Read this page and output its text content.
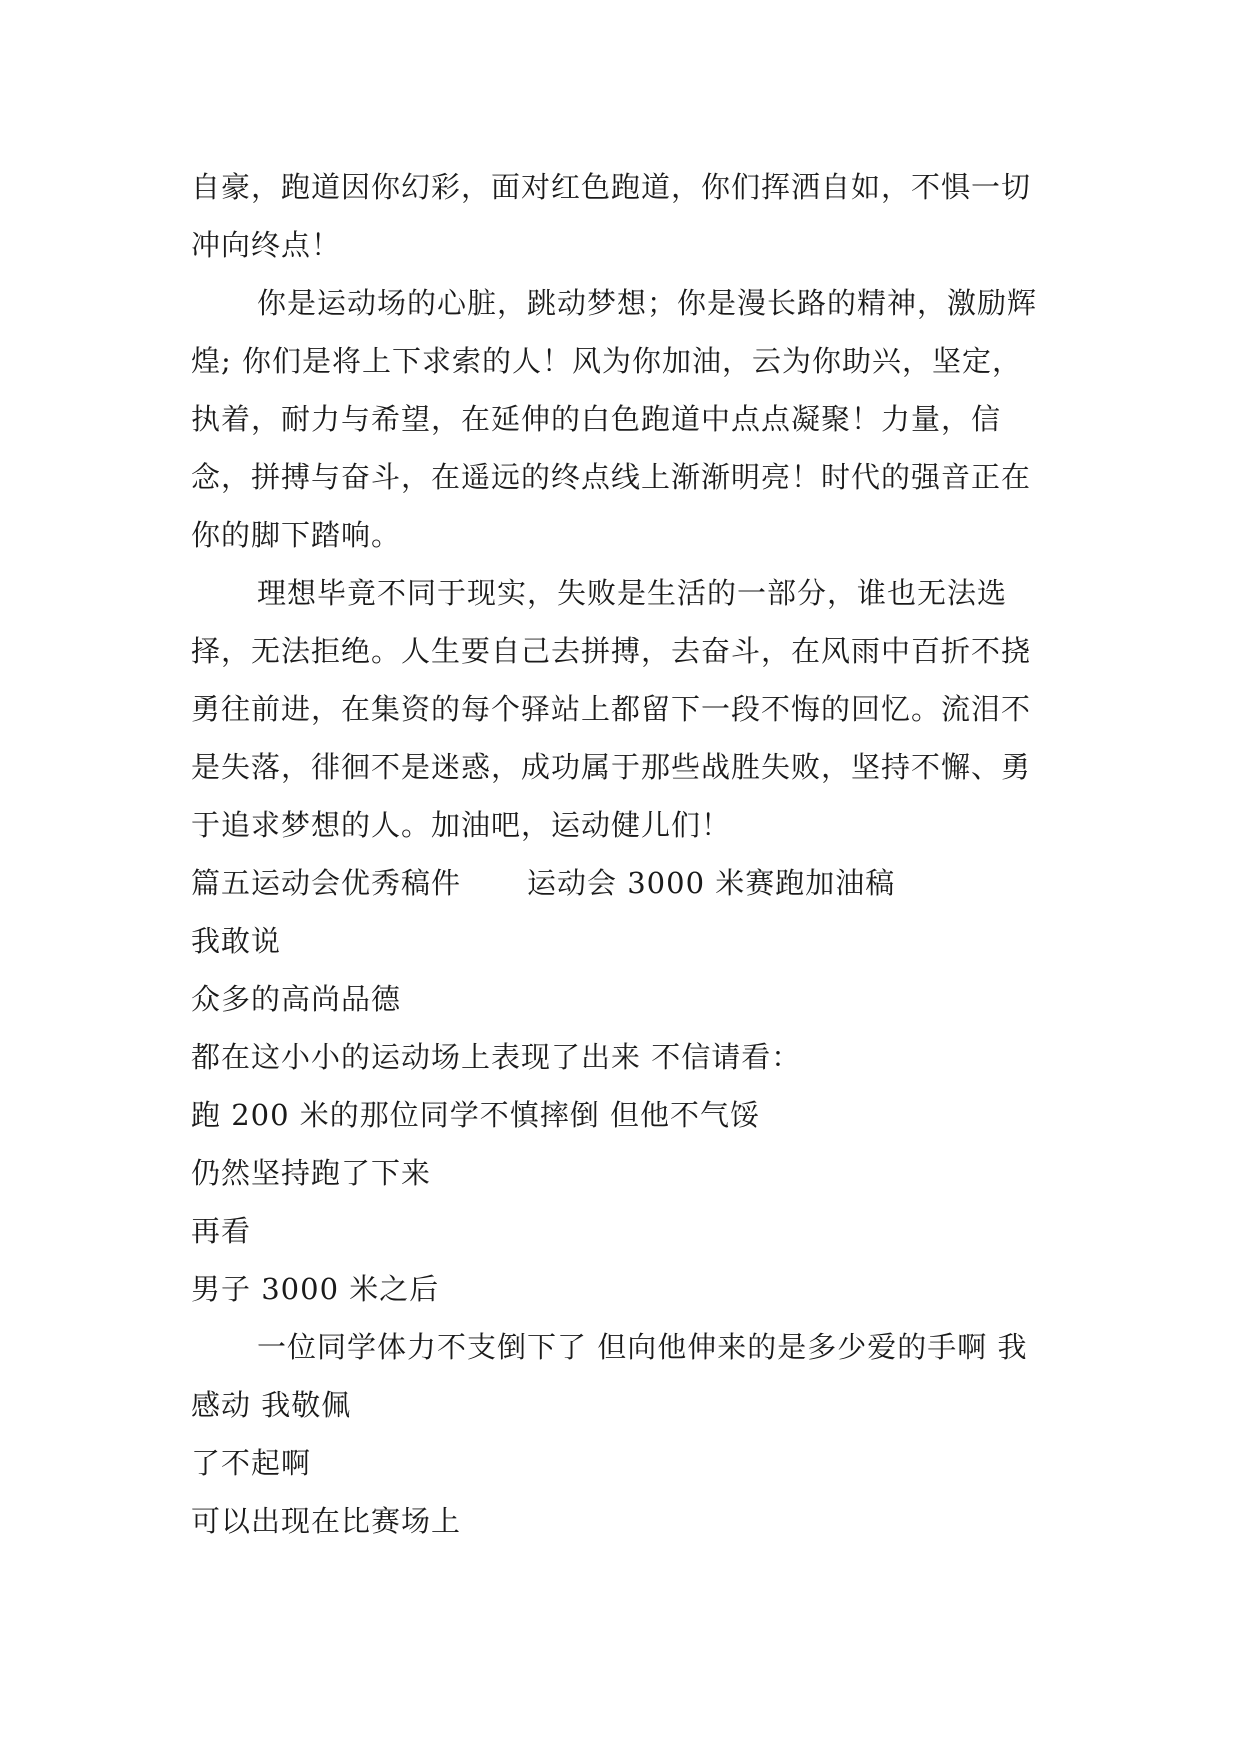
自豪，跑道因你幻彩，面对红色跑道，你们挥洒自如，不惧一切冲向终点！

你是运动场的心脏，跳动梦想；你是漫长路的精神，激励辉煌; 你们是将上下求索的人！风为你加油，云为你助兴，坚定，执着，耐力与希望，在延伸的白色跑道中点点凝聚！力量，信念，拼搏与奋斗，在遥远的终点线上渐渐明亮！时代的强音正在你的脚下踏响。

理想毕竟不同于现实，失败是生活的一部分，谁也无法选择，无法拒绝。人生要自己去拼搏，去奋斗，在风雨中百折不挠勇往前进，在集资的每个驿站上都留下一段不悔的回忆。流泪不是失落，徘徊不是迷惑，成功属于那些战胜失败，坚持不懈、勇于追求梦想的人。加油吧，运动健儿们！

篇五运动会优秀稿件 运动会 3000 米赛跑加油稿

我敢说

众多的高尚品德

都在这小小的运动场上表现了出来 不信请看：

跑 200 米的那位同学不慎摔倒 但他不气馁

仍然坚持跑了下来

再看

男子 3000 米之后

一位同学体力不支倒下了 但向他伸来的是多少爱的手啊 我感动 我敬佩

了不起啊

可以出现在比赛场上
